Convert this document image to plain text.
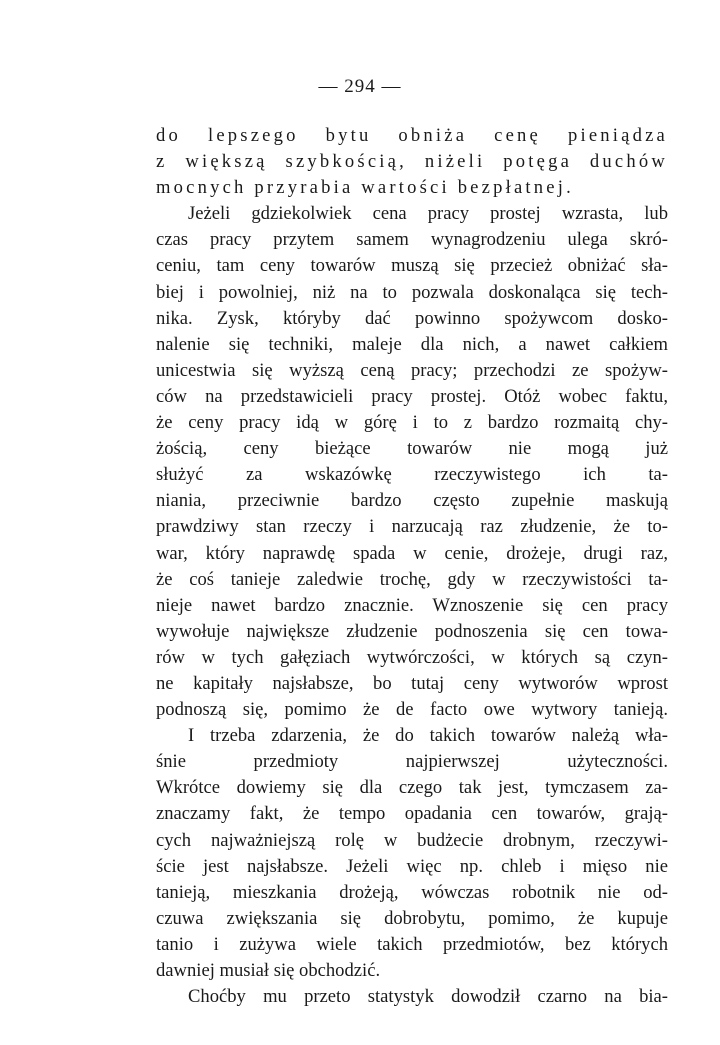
— 294 —
do lepszego bytu obniża cenę pieniądza
z większą szybkością, niżeli potęga duchów
mocnych przyrabia wartości bezpłatnej.
Jeżeli gdziekolwiek cena pracy prostej wzrasta, lub
czas pracy przytem samem wynagrodzeniu ulega skró-
ceniu, tam ceny towarów muszą się przecież obniżać sła-
biej i powolniej, niż na to pozwala doskonaląca się tech-
nika. Zysk, któryby dać powinno spożywcom dosko-
nalenie się techniki, maleje dla nich, a nawet całkiem
unicestwia się wyższą ceną pracy; przechodzi ze spożyw-
ców na przedstawicieli pracy prostej. Otóż wobec faktu,
że ceny pracy idą w górę i to z bardzo rozmaitą chy-
żością, ceny bieżące towarów nie mogą już
służyć za wskazówkę rzeczywistego ich ta-
niania, przeciwnie bardzo często zupełnie maskują
prawdziwy stan rzeczy i narzucają raz złudzenie, że to-
war, który naprawdę spada w cenie, drożeje, drugi raz,
że coś tanieje zaledwie trochę, gdy w rzeczywistości ta-
nieje nawet bardzo znacznie. Wznoszenie się cen pracy
wywołuje największe złudzenie podnoszenia się cen towa-
rów w tych gałęziach wytwórczości, w których są czyn-
ne kapitały najsłabsze, bo tutaj ceny wytworów wprost
podnoszą się, pomimo że de facto owe wytwory tanieją.
I trzeba zdarzenia, że do takich towarów należą wła-
śnie przedmioty najpierwszej użyteczności.
Wkrótce dowiemy się dla czego tak jest, tymczasem za-
znaczamy fakt, że tempo opadania cen towarów, grają-
cych najważniejszą rolę w budżecie drobnym, rzeczywi-
ście jest najsłabsze. Jeżeli więc np. chleb i mięso nie
tanieją, mieszkania drożeją, wówczas robotnik nie od-
czuwa zwiększania się dobrobytu, pomimo, że kupuje
tanio i zużywa wiele takich przedmiotów, bez których
dawniej musiał się obchodzić.
Choćby mu przeto statystyk dowodził czarno na bia-
